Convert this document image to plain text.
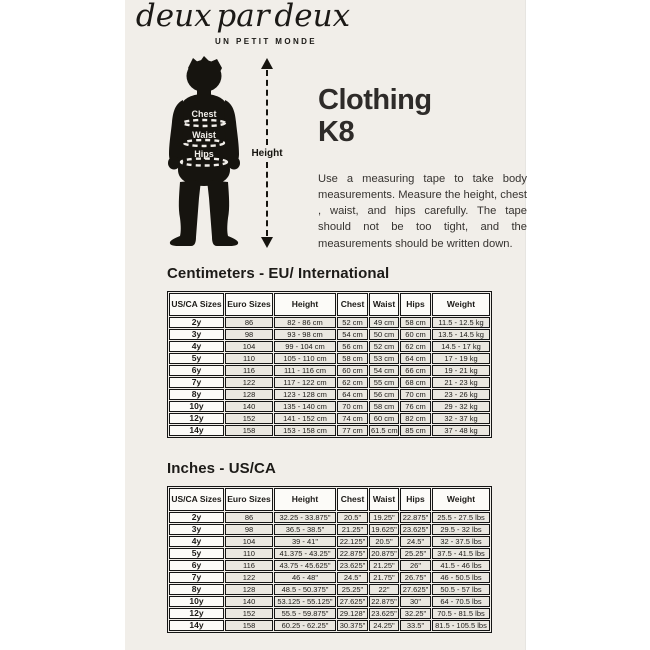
deux par deux
UN PETIT MONDE
Chest
Waist
Hips	Height
Clothing
K8
Use a measuring tape to take body measurements. Measure the height, chest , waist, and hips carefully. The tape should not be too tight, and the measurements should be written down.
Centimeters - EU/ International
US/CA Sizes	Euro Sizes	Height	Chest	Waist	Hips	Weight
2y	86	82 - 86 cm	52 cm	49 cm	58 cm	11.5 - 12.5 kg
3y	98	93 - 98 cm	54 cm	50 cm	60 cm	13.5 - 14.5 kg
4y	104	99 - 104 cm	56 cm	52 cm	62 cm	14.5 - 17 kg
5y	110	105 - 110 cm	58 cm	53 cm	64 cm	17 - 19 kg
6y	116	111 - 116 cm	60 cm	54 cm	66 cm	19 - 21 kg
7y	122	117 - 122 cm	62 cm	55 cm	68 cm	21 - 23 kg
8y	128	123 - 128 cm	64 cm	56 cm	70 cm	23 - 26 kg
10y	140	135 - 140 cm	70 cm	58 cm	76 cm	29 - 32 kg
12y	152	141 - 152 cm	74 cm	60 cm	82 cm	32 - 37 kg
14y	158	153 - 158 cm	77 cm	61.5 cm	85 cm	37 - 48 kg
Inches - US/CA
US/CA Sizes	Euro Sizes	Height	Chest	Waist	Hips	Weight
2y	86	32.25 - 33.875"	20.5"	19.25"	22.875"	25.5 - 27.5 lbs
3y	98	36.5 - 38.5"	21.25"	19.625"	23.625"	29.5 - 32 lbs
4y	104	39 - 41"	22.125"	20.5"	24.5"	32 - 37.5 lbs
5y	110	41.375 - 43.25"	22.875"	20.875"	25.25"	37.5 - 41.5 lbs
6y	116	43.75 - 45.625"	23.625"	21.25"	26"	41.5 - 46 lbs
7y	122	46 - 48"	24.5"	21.75"	26.75"	46 - 50.5 lbs
8y	128	48.5 - 50.375"	25.25"	22"	27.625"	50.5 - 57 lbs
10y	140	53.125 - 55.125"	27.625"	22.875"	30"	64 - 70.5 lbs
12y	152	55.5 - 59.875"	29.128"	23.625"	32.25"	70.5 - 81.5 lbs
14y	158	60.25 - 62.25"	30.375"	24.25"	33.5"	81.5 - 105.5 lbs
